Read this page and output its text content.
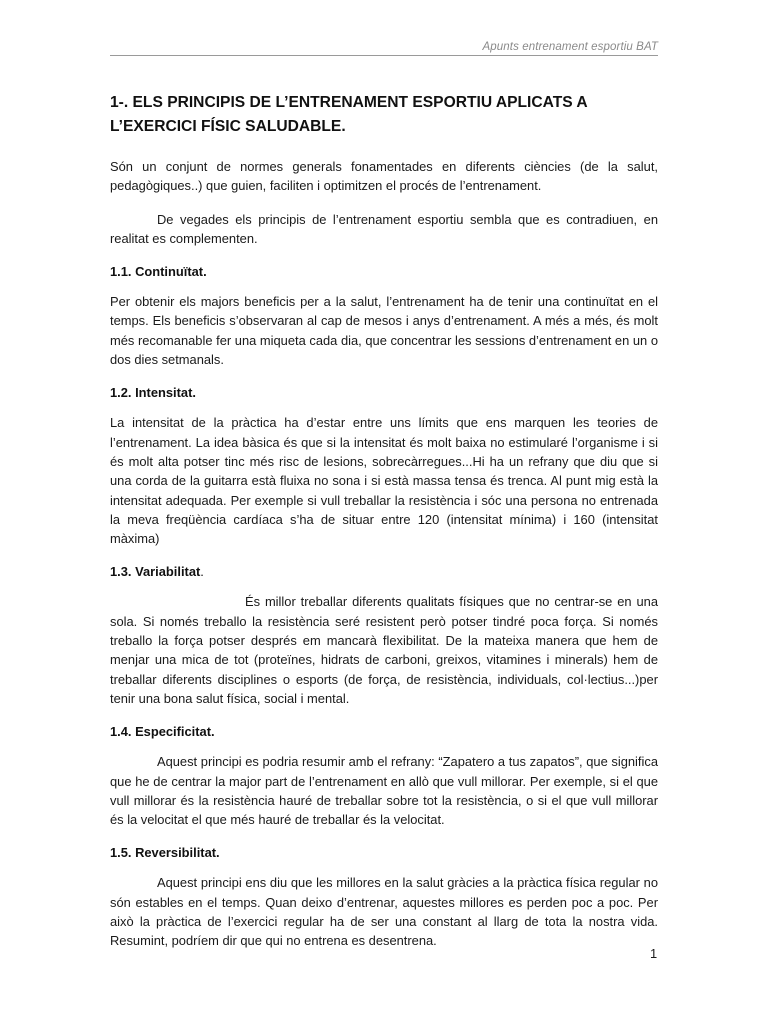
Apunts entrenament esportiu BAT
1-. ELS PRINCIPIS DE L’ENTRENAMENT ESPORTIU APLICATS A L’EXERCICI FÍSIC SALUDABLE.

Són un conjunt de normes generals fonamentades en diferents ciències (de la salut, pedagògiques..) que guien, faciliten i optimitzen el procés de l’entrenament.

De vegades els principis de l’entrenament esportiu sembla que es contradiuen, en realitat es complementen.

1.1. Continuïtat.

Per obtenir els majors beneficis per a la salut, l’entrenament ha de tenir una continuïtat en el temps. Els beneficis s’observaran al cap de mesos i anys d’entrenament. A més a més, és molt més recomanable fer una miqueta cada dia, que concentrar les sessions d’entrenament en un o dos dies setmanals.

1.2. Intensitat.

La intensitat de la pràctica ha d’estar entre uns límits que ens marquen les teories de l’entrenament. La idea bàsica és que si la intensitat és molt baixa no estimularé l’organisme i si és molt alta potser tinc més risc de lesions, sobrecàrregues...Hi ha un refrany que diu que si una corda de la guitarra està fluixa no sona i si està massa tensa és trenca. Al punt mig està la intensitat adequada. Per exemple si vull treballar la resistència i sóc una persona no entrenada la meva freqüència cardíaca s’ha de situar entre 120 (intensitat mínima) i 160 (intensitat màxima)

1.3. Variabilitat.

És millor treballar diferents qualitats físiques que no centrar-se en una sola. Si només treballo la resistència seré resistent però potser tindré poca força. Si només treballo la força potser després em mancarà flexibilitat. De la mateixa manera que hem de menjar una mica de tot (proteïnes, hidrats de carboni, greixos, vitamines i minerals) hem de treballar diferents disciplines o esports (de força, de resistència, individuals, col·lectius...)per tenir una bona salut física, social i mental.

1.4. Especificitat.

Aquest principi es podria resumir amb el refrany: “Zapatero a tus zapatos”, que significa que he de centrar la major part de l’entrenament en allò que vull millorar. Per exemple, si el que vull millorar és la resistència hauré de treballar sobre tot la resistència, o si el que vull millorar és la velocitat el que més hauré de treballar és la velocitat.

1.5. Reversibilitat.

Aquest principi ens diu que les millores en la salut gràcies a la pràctica física regular no són estables en el temps. Quan deixo d’entrenar, aquestes millores es perden poc a poc. Per això la pràctica de l’exercici regular ha de ser una constant al llarg de tota la nostra vida. Resumint, podríem dir que qui no entrena es desentrena.

1
